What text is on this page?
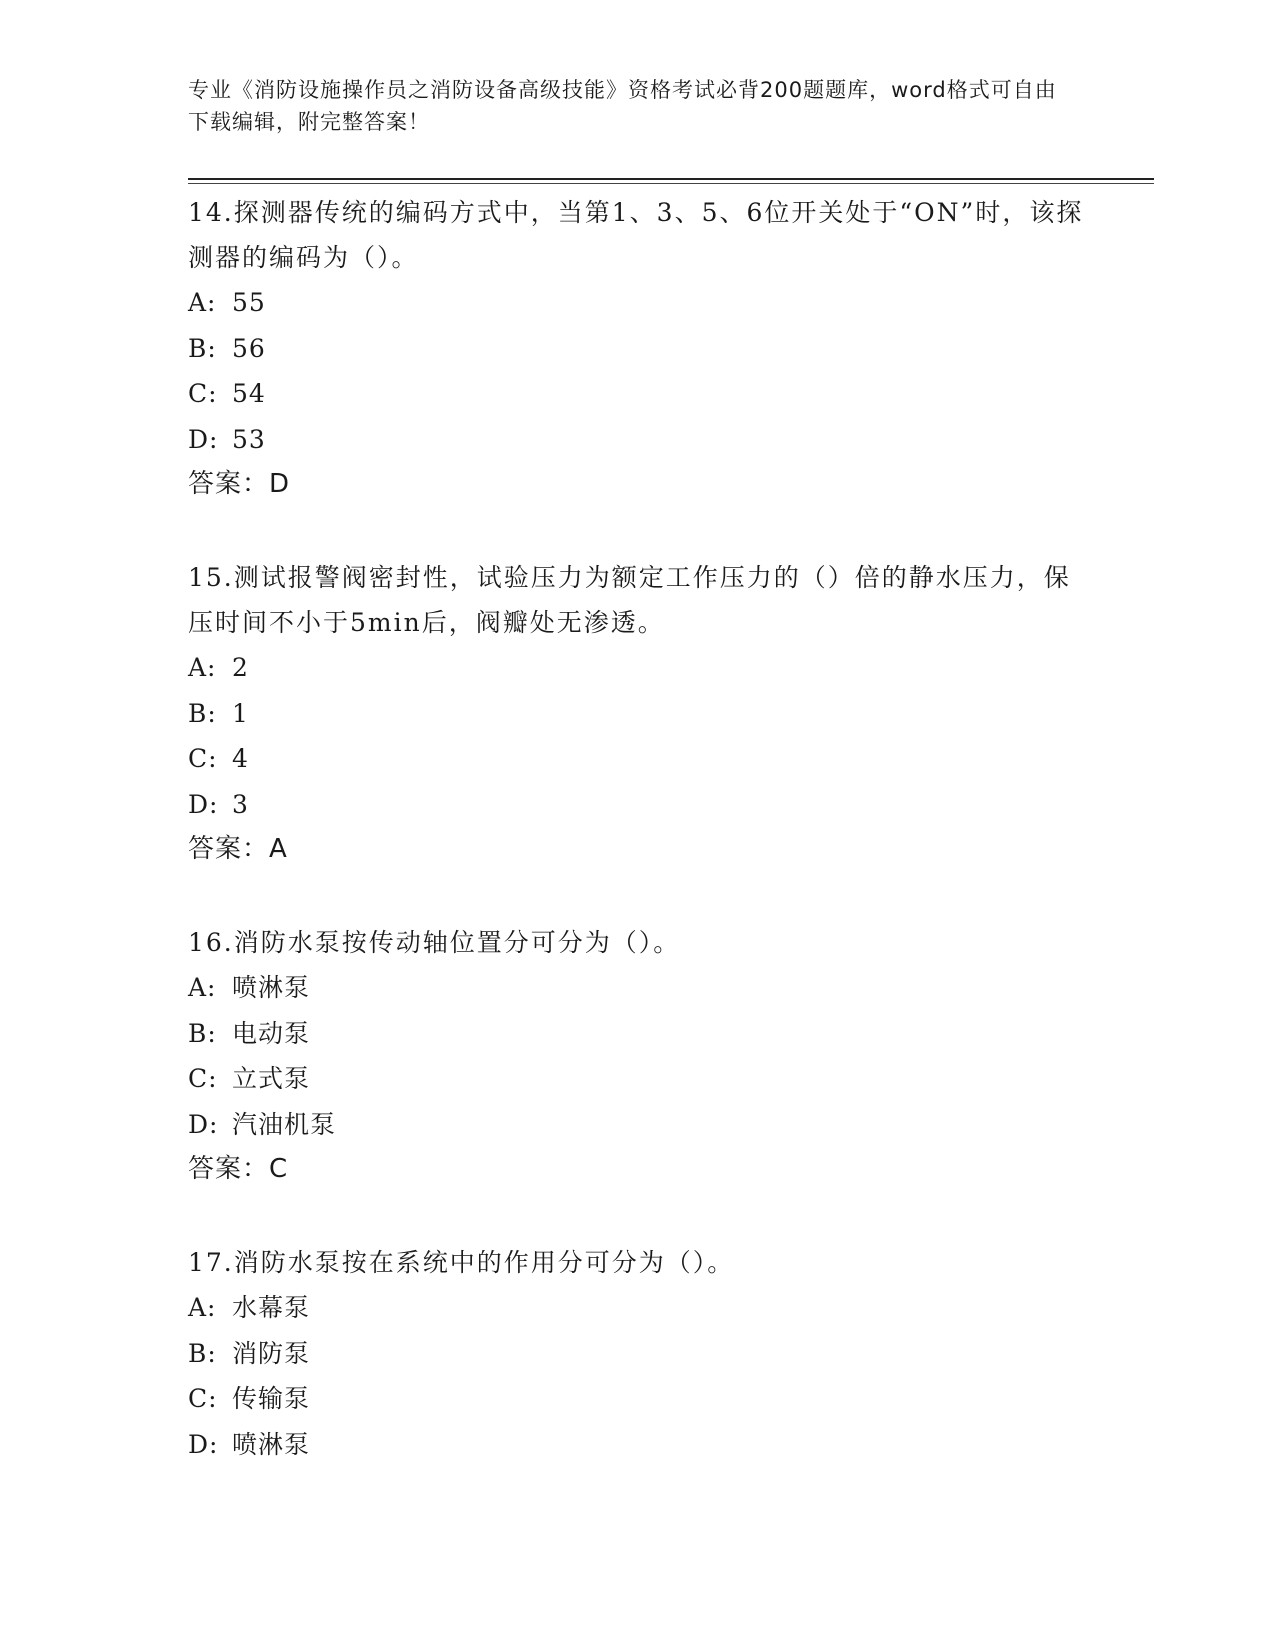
专业《消防设施操作员之消防设备高级技能》资格考试必背200题题库，word格式可自由下载编辑，附完整答案！
14.探测器传统的编码方式中，当第1、3、5、6位开关处于“ON”时，该探测器的编码为（）。
A: 55
B: 56
C: 54
D: 53
答案：D
15.测试报警阀密封性，试验压力为额定工作压力的（）倍的静水压力，保压时间不小于5min后，阀瓣处无渗透。
A: 2
B: 1
C: 4
D: 3
答案：A
16.消防水泵按传动轴位置分可分为（）。
A: 喷淋泵
B: 电动泵
C: 立式泵
D: 汽油机泵
答案：C
17.消防水泵按在系统中的作用分可分为（）。
A: 水幕泵
B: 消防泵
C: 传输泵
D: 喷淋泵
